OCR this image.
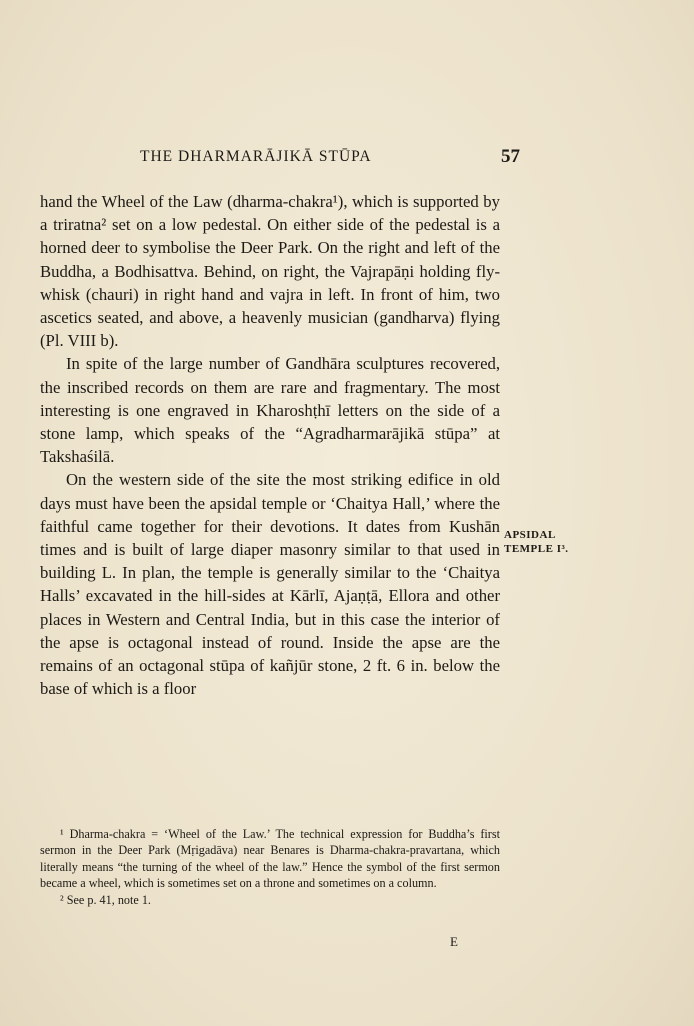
THE DHARMARĀJIKĀ STŪPA	57

hand the Wheel of the Law (dharma-chakra¹), which is supported by a triratna² set on a low pedestal. On either side of the pedestal is a horned deer to symbolise the Deer Park. On the right and left of the Buddha, a Bodhisattva. Behind, on right, the Vajrapāṇi holding fly-whisk (chauri) in right hand and vajra in left. In front of him, two ascetics seated, and above, a heavenly musician (gandharva) flying (Pl. VIII b).

In spite of the large number of Gandhāra sculptures recovered, the inscribed records on them are rare and fragmentary. The most interesting is one engraved in Kharoshṭhī letters on the side of a stone lamp, which speaks of the “Agradharmarājikā stūpa” at Takshaśilā.

On the western side of the site the most striking edifice in old days must have been the apsidal temple or ‘Chaitya Hall,’ where the faithful came together for their devotions. It dates from Kushān times and is built of large diaper masonry similar to that used in building L. In plan, the temple is generally similar to the ‘Chaitya Halls’ excavated in the hill-sides at Kārlī, Ajaṇṭā, Ellora and other places in Western and Central India, but in this case the interior of the apse is octagonal instead of round. Inside the apse are the remains of an octagonal stūpa of kañjūr stone, 2 ft. 6 in. below the base of which is a floor

APSIDAL
TEMPLE I³.

¹ Dharma-chakra = ‘Wheel of the Law.’ The technical expression for Buddha’s first sermon in the Deer Park (Mṛigadāva) near Benares is Dharma-chakra-pravartana, which literally means “the turning of the wheel of the law.” Hence the symbol of the first sermon became a wheel, which is sometimes set on a throne and sometimes on a column.

² See p. 41, note 1.

E
